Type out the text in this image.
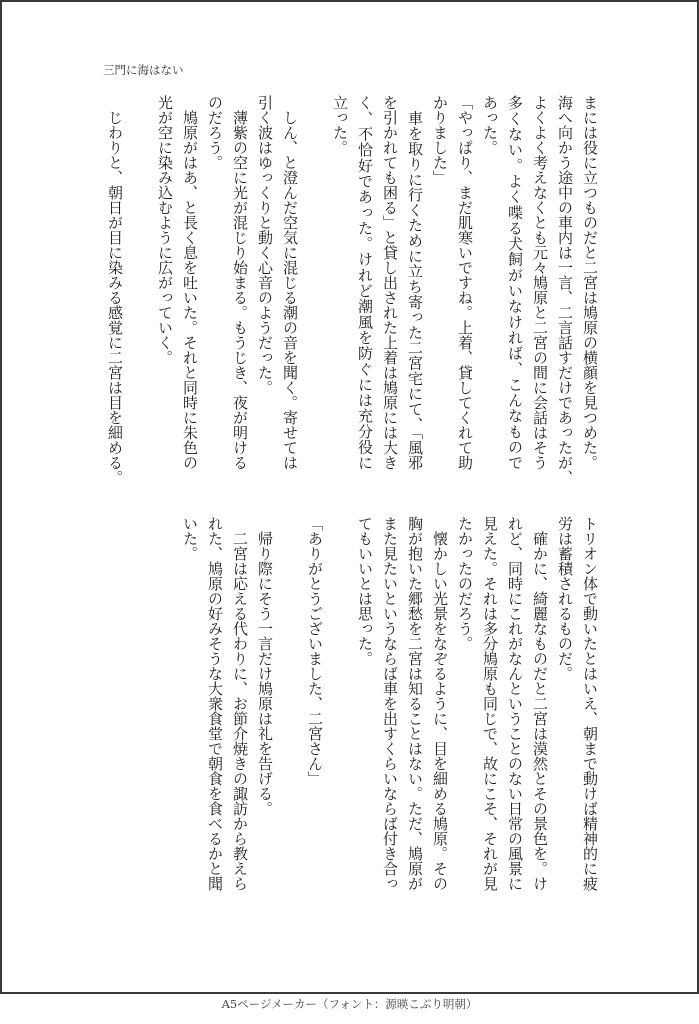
三門に海はない
まには役に立つものだと二宮は鳩原の横顔を見つめた。
海へ向かう途中の車内は一言、二言話すだけであったが、
よくよく考えなくとも元々鳩原と二宮の間に会話はそう
多くない。よく喋る犬飼がいなければ、こんなもので
あった。
「やっぱり、まだ肌寒いですね。上着、貸してくれて助
かりました」
　車を取りに行くために立ち寄った二宮宅にて、「風邪
を引かれても困る」と貸し出された上着は鳩原には大き
く、不恰好であった。けれど潮風を防ぐには充分役に
立った。
　しん、と澄んだ空気に混じる潮の音を聞く。寄せては
引く波はゆっくりと動く心音のようだった。
　薄紫の空に光が混じり始まる。もうじき、夜が明ける
のだろう。
　鳩原がはあ、と長く息を吐いた。それと同時に朱色の
光が空に染み込むように広がっていく。
　じわりと、朝日が目に染みる感覚に二宮は目を細める。
トリオン体で動いたとはいえ、朝まで動けば精神的に疲
労は蓄積されるものだ。
　確かに、綺麗なものだと二宮は漠然とその景色を。け
れど、同時にこれがなんということのない日常の風景に
見えた。それは多分鳩原も同じで、故にこそ、それが見
たかったのだろう。
　懐かしい光景をなぞるように、目を細める鳩原。その
胸が抱いた郷愁を二宮は知ることはない。ただ、鳩原が
また見たいというならば車を出すくらいならば付き合っ
てもいいとは思った。
「ありがとうございました、二宮さん」
　帰り際にそう一言だけ鳩原は礼を告げる。
　二宮は応える代わりに、お節介焼きの諏訪から教えら
れた、鳩原の好みそうな大衆食堂で朝食を食べるかと聞
いた。
A5ページメーカー（フォント：源暎こぶり明朝）
